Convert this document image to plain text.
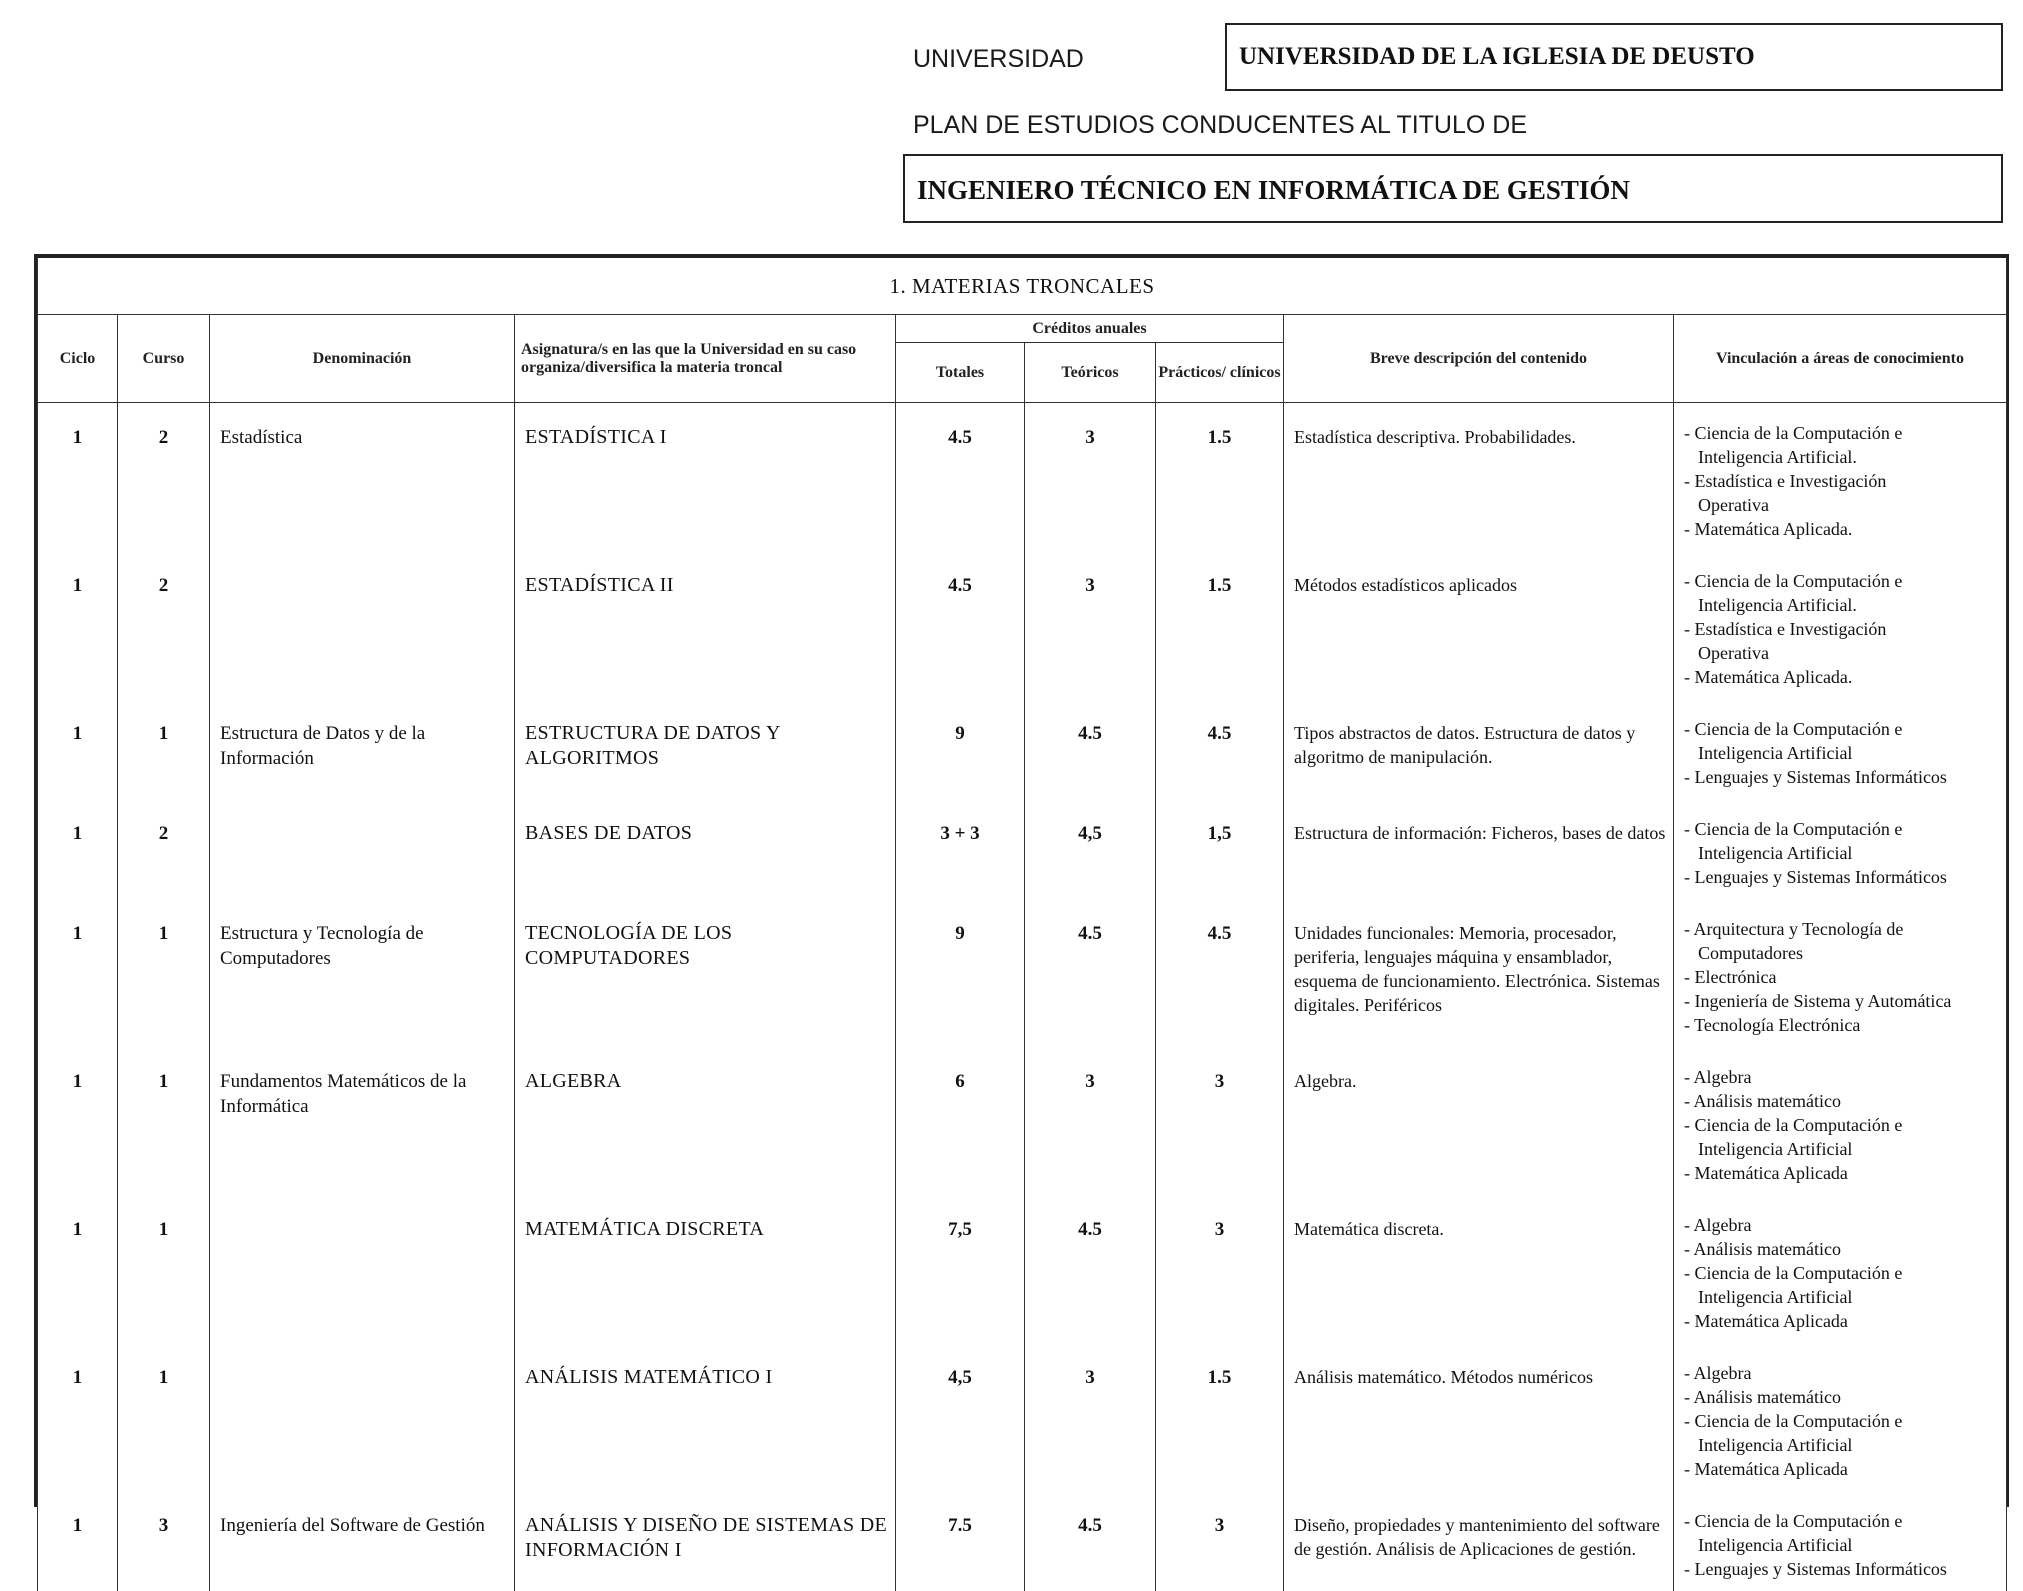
UNIVERSIDAD	UNIVERSIDAD DE LA IGLESIA DE DEUSTO
PLAN DE ESTUDIOS CONDUCENTES AL TITULO DE
INGENIERO TÉCNICO EN INFORMÁTICA DE GESTIÓN
1. MATERIAS TRONCALES								
Ciclo	Curso	Denominación	Asignatura/s en las que la Universidad en su caso organiza/diversifica la materia troncal	Créditos anuales			Breve descripción del contenido	Vinculación a áreas de conocimiento
				Totales	Teóricos	Prácticos/ clínicos		
1	2	Estadística	ESTADÍSTICA I	4.5	3	1.5	Estadística descriptiva. Probabilidades.	- Ciencia de la Computación e
Inteligencia Artificial.
- Estadística e Investigación
Operativa
- Matemática Aplicada.

1	2		ESTADÍSTICA II	4.5	3	1.5	Métodos estadísticos aplicados	- Ciencia de la Computación e
Inteligencia Artificial.
- Estadística e Investigación
Operativa
- Matemática Aplicada.

1	1	Estructura de Datos y de la Información	ESTRUCTURA DE DATOS Y ALGORITMOS	9	4.5	4.5	Tipos abstractos de datos. Estructura de datos y algoritmo de manipulación.	- Ciencia de la Computación e
Inteligencia Artificial
- Lenguajes y Sistemas Informáticos

1	2		BASES DE DATOS	3 + 3	4,5	1,5	Estructura de información: Ficheros, bases de datos	- Ciencia de la Computación e
Inteligencia Artificial
- Lenguajes y Sistemas Informáticos

1	1	Estructura y Tecnología de Computadores	TECNOLOGÍA DE LOS COMPUTADORES	9	4.5	4.5	Unidades funcionales: Memoria, procesador, periferia, lenguajes máquina y ensamblador, esquema de funcionamiento. Electrónica. Sistemas digitales. Periféricos	- Arquitectura y Tecnología de
Computadores
- Electrónica
- Ingeniería de Sistema y Automática
- Tecnología Electrónica

1	1	Fundamentos Matemáticos de la Informática	ALGEBRA	6	3	3	Algebra.	- Algebra
- Análisis matemático
- Ciencia de la Computación e
Inteligencia Artificial
- Matemática Aplicada

1	1		MATEMÁTICA DISCRETA	7,5	4.5	3	Matemática discreta.	- Algebra
- Análisis matemático
- Ciencia de la Computación e
Inteligencia Artificial
- Matemática Aplicada

1	1		ANÁLISIS MATEMÁTICO I	4,5	3	1.5	Análisis matemático. Métodos numéricos	- Algebra
- Análisis matemático
- Ciencia de la Computación e
Inteligencia Artificial
- Matemática Aplicada

1	3	Ingeniería del Software de Gestión	ANÁLISIS Y DISEÑO DE SISTEMAS DE INFORMACIÓN I	7.5	4.5	3	Diseño, propiedades y mantenimiento del software de gestión. Análisis de Aplicaciones de gestión.	- Ciencia de la Computación e
Inteligencia Artificial
- Lenguajes y Sistemas Informáticos
